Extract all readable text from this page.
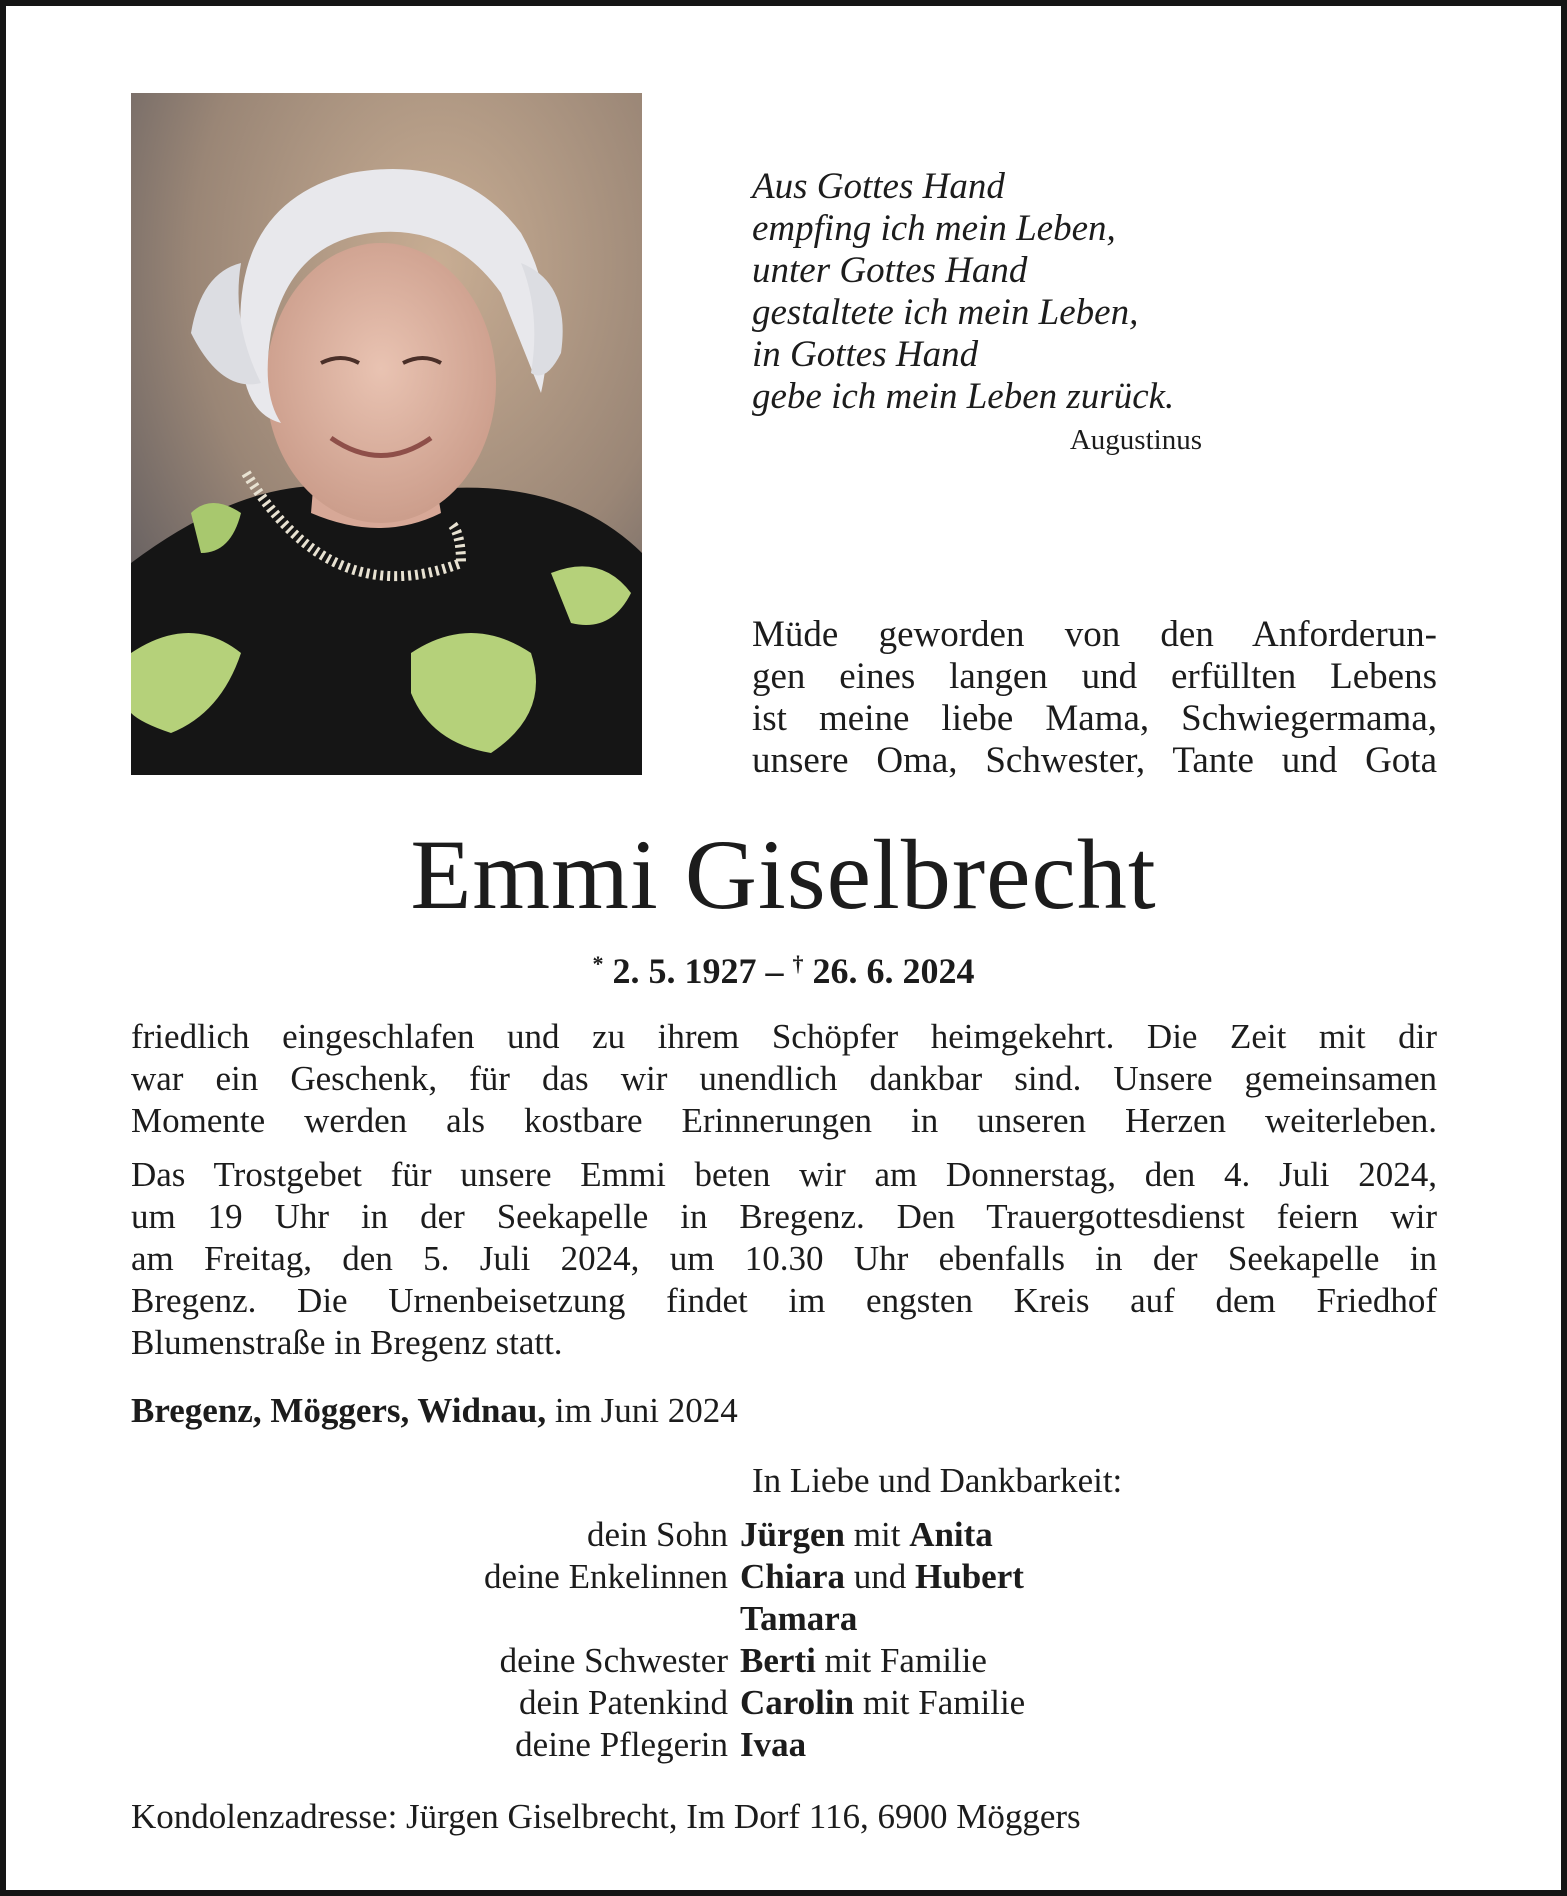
Aus Gottes Hand
empfing ich mein Leben,
unter Gottes Hand
gestaltete ich mein Leben,
in Gottes Hand
gebe ich mein Leben zurück.
Augustinus
Müde geworden von den Anforderun-
gen eines langen und erfüllten Lebens
ist meine liebe Mama, Schwiegermama,
unsere Oma, Schwester, Tante und Gota
Emmi Giselbrecht
* 2. 5. 1927 – † 26. 6. 2024
friedlich eingeschlafen und zu ihrem Schöpfer heimgekehrt. Die Zeit mit dir
war ein Geschenk, für das wir unendlich dankbar sind. Unsere gemeinsamen
Momente werden als kostbare Erinnerungen in unseren Herzen weiterleben.
Das Trostgebet für unsere Emmi beten wir am Donnerstag, den 4. Juli 2024,
um 19 Uhr in der Seekapelle in Bregenz. Den Trauergottesdienst feiern wir
am Freitag, den 5. Juli 2024, um 10.30 Uhr ebenfalls in der Seekapelle in
Bregenz. Die Urnenbeisetzung findet im engsten Kreis auf dem Friedhof
Blumenstraße in Bregenz statt.
Bregenz, Möggers, Widnau, im Juni 2024
In Liebe und Dankbarkeit:
dein Sohn Jürgen mit Anita
deine Enkelinnen Chiara und Hubert
Tamara
deine Schwester Berti mit Familie
dein Patenkind Carolin mit Familie
deine Pflegerin Ivaa
Kondolenzadresse: Jürgen Giselbrecht, Im Dorf 116, 6900 Möggers
